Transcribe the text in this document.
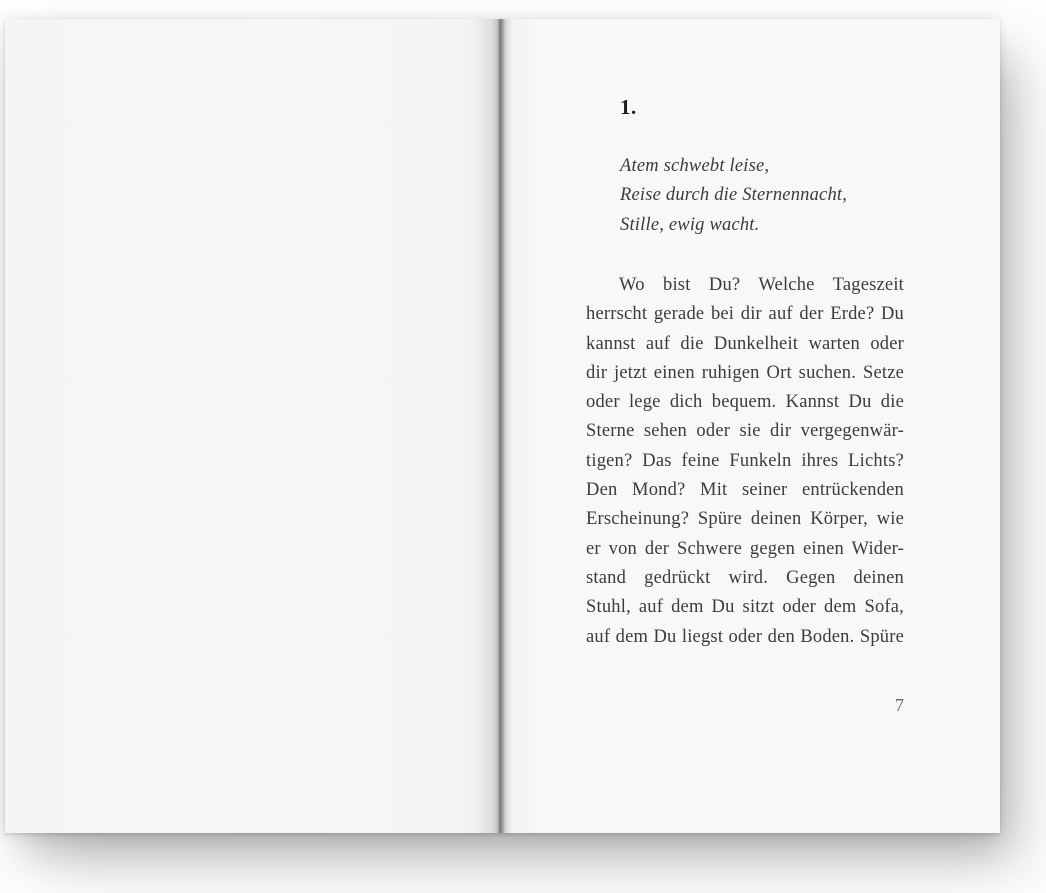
1.
Atem schwebt leise,
Reise durch die Sternennacht,
Stille, ewig wacht.
Wo bist Du? Welche Tageszeit
herrscht gerade bei dir auf der Erde? Du
kannst auf die Dunkelheit warten oder
dir jetzt einen ruhigen Ort suchen. Setze
oder lege dich bequem. Kannst Du die
Sterne sehen oder sie dir vergegenwär-
tigen? Das feine Funkeln ihres Lichts?
Den Mond? Mit seiner entrückenden
Erscheinung? Spüre deinen Körper, wie
er von der Schwere gegen einen Wider-
stand gedrückt wird. Gegen deinen
Stuhl, auf dem Du sitzt oder dem Sofa,
auf dem Du liegst oder den Boden. Spüre
7
